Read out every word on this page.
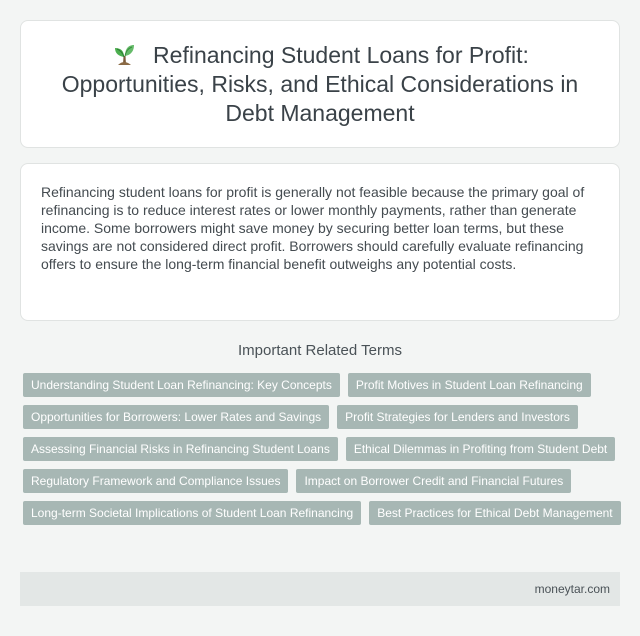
Refinancing Student Loans for Profit: Opportunities, Risks, and Ethical Considerations in Debt Management

Refinancing student loans for profit is generally not feasible because the primary goal of refinancing is to reduce interest rates or lower monthly payments, rather than generate income. Some borrowers might save money by securing better loan terms, but these savings are not considered direct profit. Borrowers should carefully evaluate refinancing offers to ensure the long-term financial benefit outweighs any potential costs.

Important Related Terms
Understanding Student Loan Refinancing: Key Concepts	Profit Motives in Student Loan Refinancing
Opportunities for Borrowers: Lower Rates and Savings	Profit Strategies for Lenders and Investors
Assessing Financial Risks in Refinancing Student Loans	Ethical Dilemmas in Profiting from Student Debt
Regulatory Framework and Compliance Issues	Impact on Borrower Credit and Financial Futures
Long-term Societal Implications of Student Loan Refinancing	Best Practices for Ethical Debt Management
moneytar.com
